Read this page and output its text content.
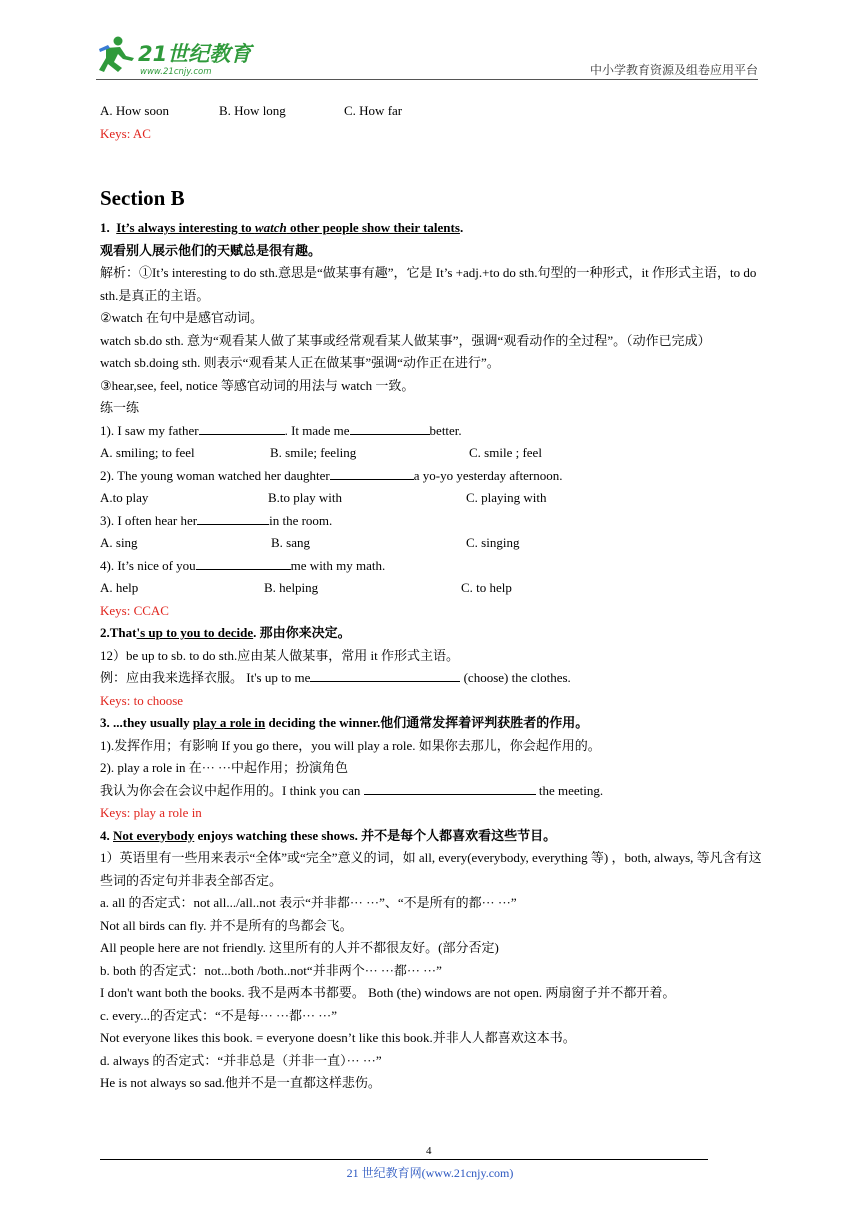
21世纪教育
www.21cnjy.com	中小学教育资源及组卷应用平台
A. How soon	B. How long	C. How far
Keys: AC
Section B
1. It’s always interesting to watch other people show their talents.
观看别人展示他们的天赋总是很有趣。
解析：①It’s interesting to do sth.意思是“做某事有趣”，它是 It’s +adj.+to do sth.句型的一种形式，it 作形式主语，to do sth.是真正的主语。
②watch 在句中是感官动词。
watch sb.do sth. 意为“观看某人做了某事或经常观看某人做某事”，强调“观看动作的全过程”。（动作已完成）
watch sb.doing sth. 则表示“观看某人正在做某事”强调“动作正在进行”。
③hear,see, feel, notice 等感官动词的用法与 watch 一致。
练一练
1). I saw my father	. It made me	better.
A. smiling; to feel	B. smile; feeling	C. smile ; feel
2). The young woman watched her daughter	a yo-yo yesterday afternoon.
A.to play	B.to play with	C. playing with
3). I often hear her	in the room.
A. sing	B. sang	C. singing
4). It’s nice of you	me with my math.
A. help	B. helping	C. to help
Keys: CCAC
2.That's up to you to decide. 那由你来决定。
12）be up to sb. to do sth.应由某人做某事，常用 it 作形式主语。
例：应由我来选择衣服。 It's up to me	(choose) the clothes.
Keys: to choose
3. ...they usually play a role in deciding the winner.他们通常发挥着评判获胜者的作用。
1).发挥作用；有影响 If you go there，you will play a role. 如果你去那儿，你会起作用的。
2). play a role in 在··· ···中起作用；扮演角色
我认为你会在会议中起作用的。I think you can	the meeting.
Keys: play a role in
4. Not everybody enjoys watching these shows. 并不是每个人都喜欢看这些节目。
1）英语里有一些用来表示“全体”或“完全”意义的词，如 all, every(everybody, everything 等) ，both, always, 等凡含有这些词的否定句并非表全部否定。
a. all 的否定式：not all.../all..not 表示“并非都··· ···”、“不是所有的都··· ···”
Not all birds can fly. 并不是所有的鸟都会飞。
All people here are not friendly. 这里所有的人并不都很友好。(部分否定)
b. both 的否定式：not...both /both..not“并非两个··· ···都··· ···”
I don't want both the books. 我不是两本书都要。 Both (the) windows are not open. 两扇窗子并不都开着。
c. every...的否定式：“不是每··· ···都··· ···”
Not everyone likes this book. = everyone doesn’t like this book.并非人人都喜欢这本书。
d. always 的否定式：“并非总是（并非一直）··· ···”
He is not always so sad.他并不是一直都这样悲伤。
4
21 世纪教育网(www.21cnjy.com)
